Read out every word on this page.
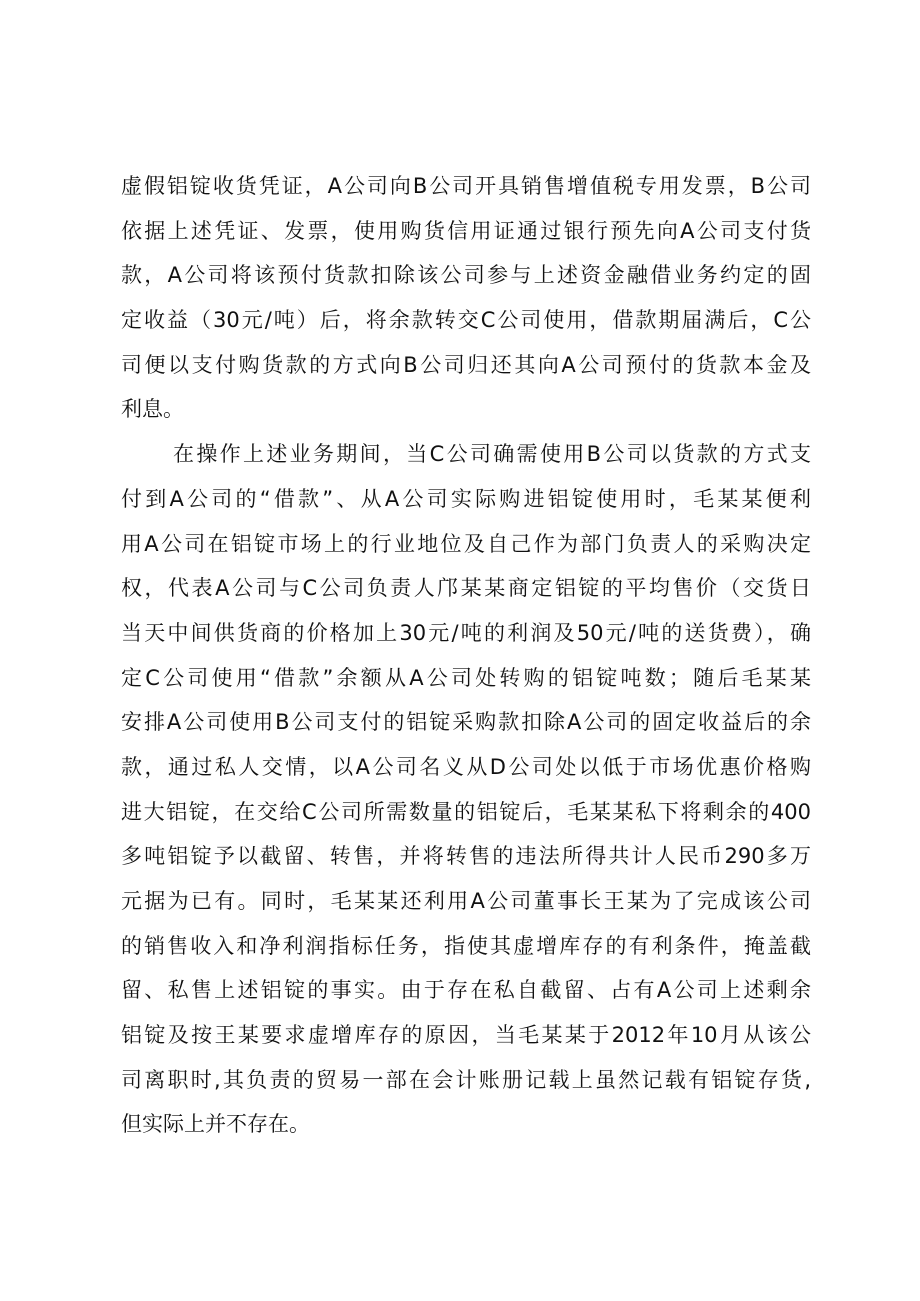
虚假铝锭收货凭证，A公司向B公司开具销售增值税专用发票，B公司
依据上述凭证、发票，使用购货信用证通过银行预先向A公司支付货
款，A公司将该预付货款扣除该公司参与上述资金融借业务约定的固
定收益（30元/吨）后，将余款转交C公司使用，借款期届满后，C公
司便以支付购货款的方式向B公司归还其向A公司预付的货款本金及
利息。
在操作上述业务期间，当C公司确需使用B公司以货款的方式支
付到A公司的“借款”、从A公司实际购进铝锭使用时，毛某某便利
用A公司在铝锭市场上的行业地位及自己作为部门负责人的采购决定
权，代表A公司与C公司负责人邝某某商定铝锭的平均售价（交货日
当天中间供货商的价格加上30元/吨的利润及50元/吨的送货费），确
定C公司使用“借款”余额从A公司处转购的铝锭吨数；随后毛某某
安排A公司使用B公司支付的铝锭采购款扣除A公司的固定收益后的余
款，通过私人交情，以A公司名义从D公司处以低于市场优惠价格购
进大铝锭，在交给C公司所需数量的铝锭后，毛某某私下将剩余的400
多吨铝锭予以截留、转售，并将转售的违法所得共计人民币290多万
元据为已有。同时，毛某某还利用A公司董事长王某为了完成该公司
的销售收入和净利润指标任务，指使其虚增库存的有利条件，掩盖截
留、私售上述铝锭的事实。由于存在私自截留、占有A公司上述剩余
铝锭及按王某要求虚增库存的原因，当毛某某于2012年10月从该公
司离职时,其负责的贸易一部在会计账册记载上虽然记载有铝锭存货,
但实际上并不存在。
